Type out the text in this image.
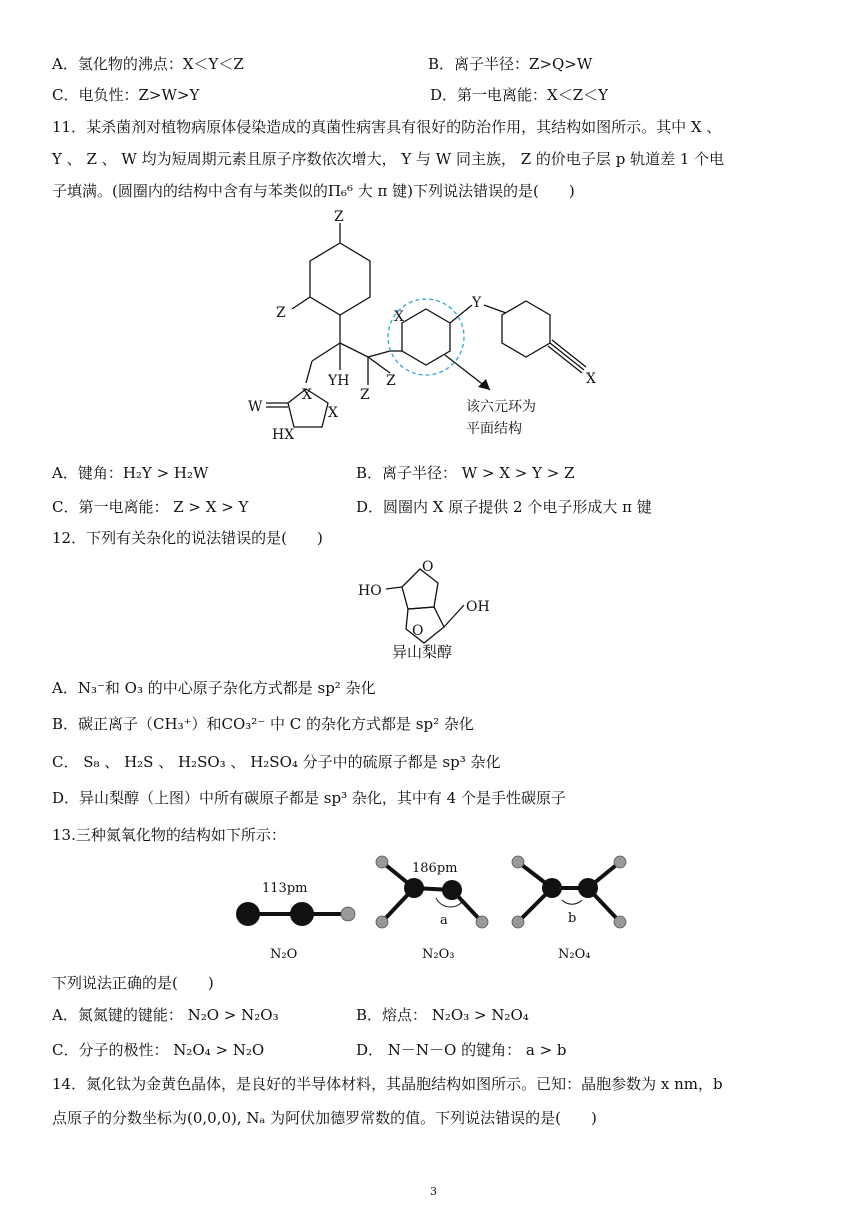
A．氢化物的沸点：X＜Y＜Z	B．离子半径：Z>Q>W
C．电负性：Z>W>Y	D．第一电离能：X＜Z＜Y
11．某杀菌剂对植物病原体侵染造成的真菌性病害具有很好的防治作用，其结构如图所示。其中 X 、
Y 、 Z 、 W 均为短周期元素且原子序数依次增大， Y 与 W 同主族， Z 的价电子层 p 轨道差 1 个电
子填满。(圆圈内的结构中含有与苯类似的Π₆⁶ 大 π 键)下列说法错误的是(　　)
Z
Z
YH	Z
Z
X
Y
X
W
X
X
HX
该六元环为
平面结构
A．键角：H₂Y > H₂W	B．离子半径： W > X > Y > Z
C．第一电离能： Z > X > Y	D．圆圈内 X 原子提供 2 个电子形成大 π 键
12．下列有关杂化的说法错误的是(　　)
HO
OH
O
O
异山梨醇
A．N₃⁻和 O₃ 的中心原子杂化方式都是 sp² 杂化
B．碳正离子（CH₃⁺）和CO₃²⁻ 中 C 的杂化方式都是 sp² 杂化
C． S₈ 、 H₂S 、 H₂SO₃ 、 H₂SO₄ 分子中的硫原子都是 sp³ 杂化
D．异山梨醇（上图）中所有碳原子都是 sp³ 杂化，其中有 4 个是手性碳原子
13.三种氮氧化物的结构如下所示：
113pm
186pm
a	b
N₂O	N₂O₃	N₂O₄
下列说法正确的是(　　)
A．氮氮键的键能： N₂O > N₂O₃	B．熔点： N₂O₃ > N₂O₄
C．分子的极性： N₂O₄ > N₂O	D． N－N－O 的键角： a > b
14．氮化钛为金黄色晶体，是良好的半导体材料，其晶胞结构如图所示。已知：晶胞参数为 x nm，b
点原子的分数坐标为(0,0,0), Nₐ 为阿伏加德罗常数的值。下列说法错误的是(　　)
3
